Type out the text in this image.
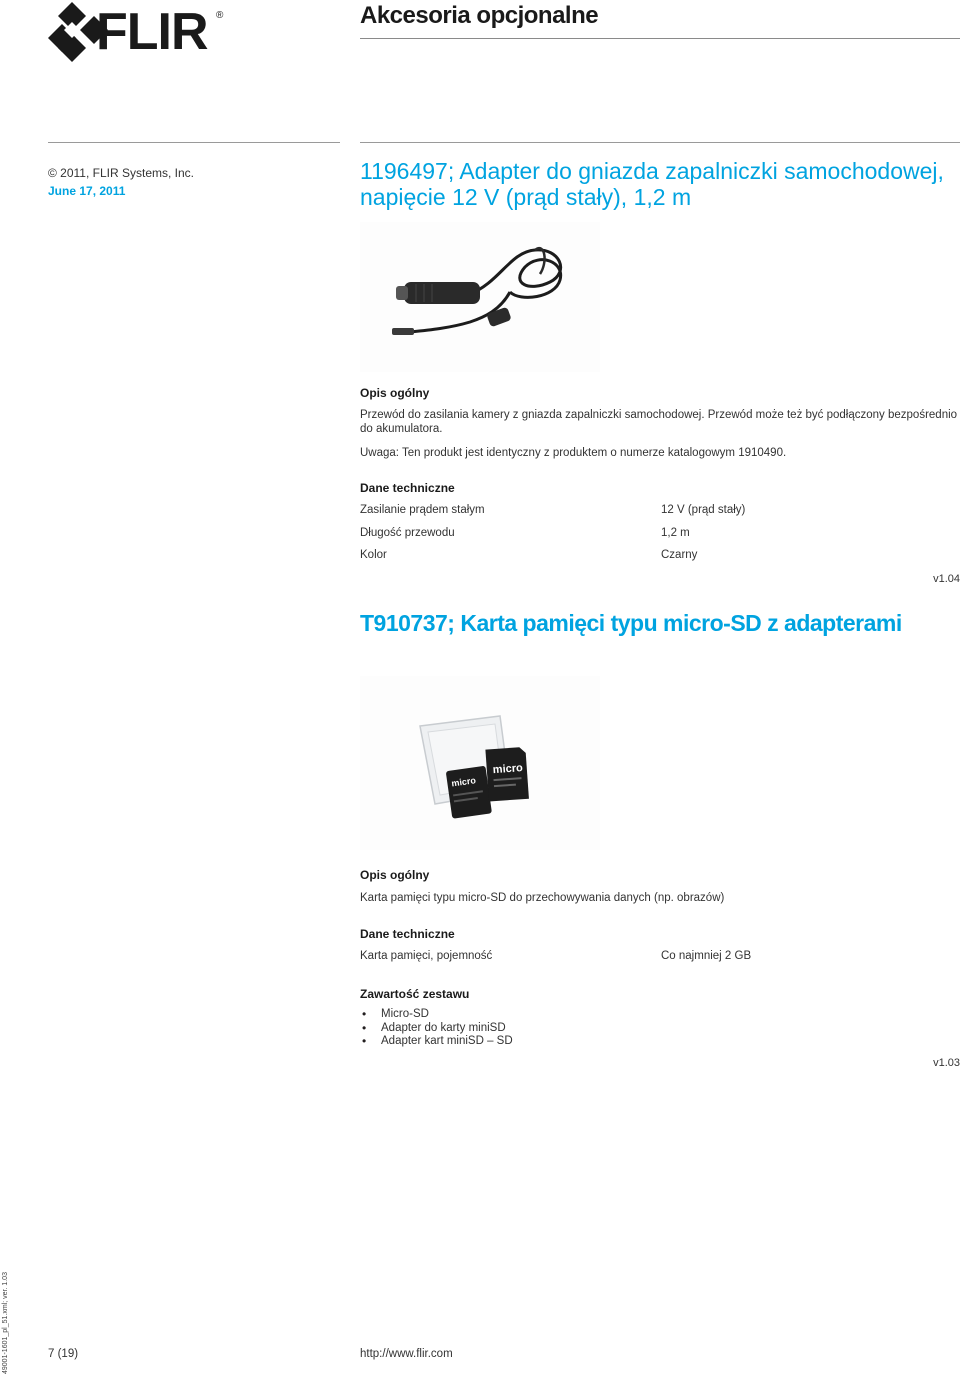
FLIR ®	Akcesoria opcjonalne
© 2011, FLIR Systems, Inc.
June 17, 2011
1196497; Adapter do gniazda zapalniczki samochodowej, napięcie 12 V (prąd stały), 1,2 m
Opis ogólny
Przewód do zasilania kamery z gniazda zapalniczki samochodowej. Przewód może też być podłączony bezpośrednio do akumulatora.
Uwaga: Ten produkt jest identyczny z produktem o numerze katalogowym 1910490.
Dane techniczne
Zasilanie prądem stałym	12 V (prąd stały)
Długość przewodu	1,2 m
Kolor	Czarny
v1.04
T910737; Karta pamięci typu micro-SD z adapterami
micro
micro
Opis ogólny
Karta pamięci typu micro-SD do przechowywania danych (np. obrazów)
Dane techniczne
Karta pamięci, pojemność	Co najmniej 2 GB
Zawartość zestawu
• Micro-SD
• Adapter do karty miniSD
• Adapter kart miniSD – SD
v1.03
7 (19)	http://www.flir.com
49001-1601_pl_51.xml; ver. 1.03
